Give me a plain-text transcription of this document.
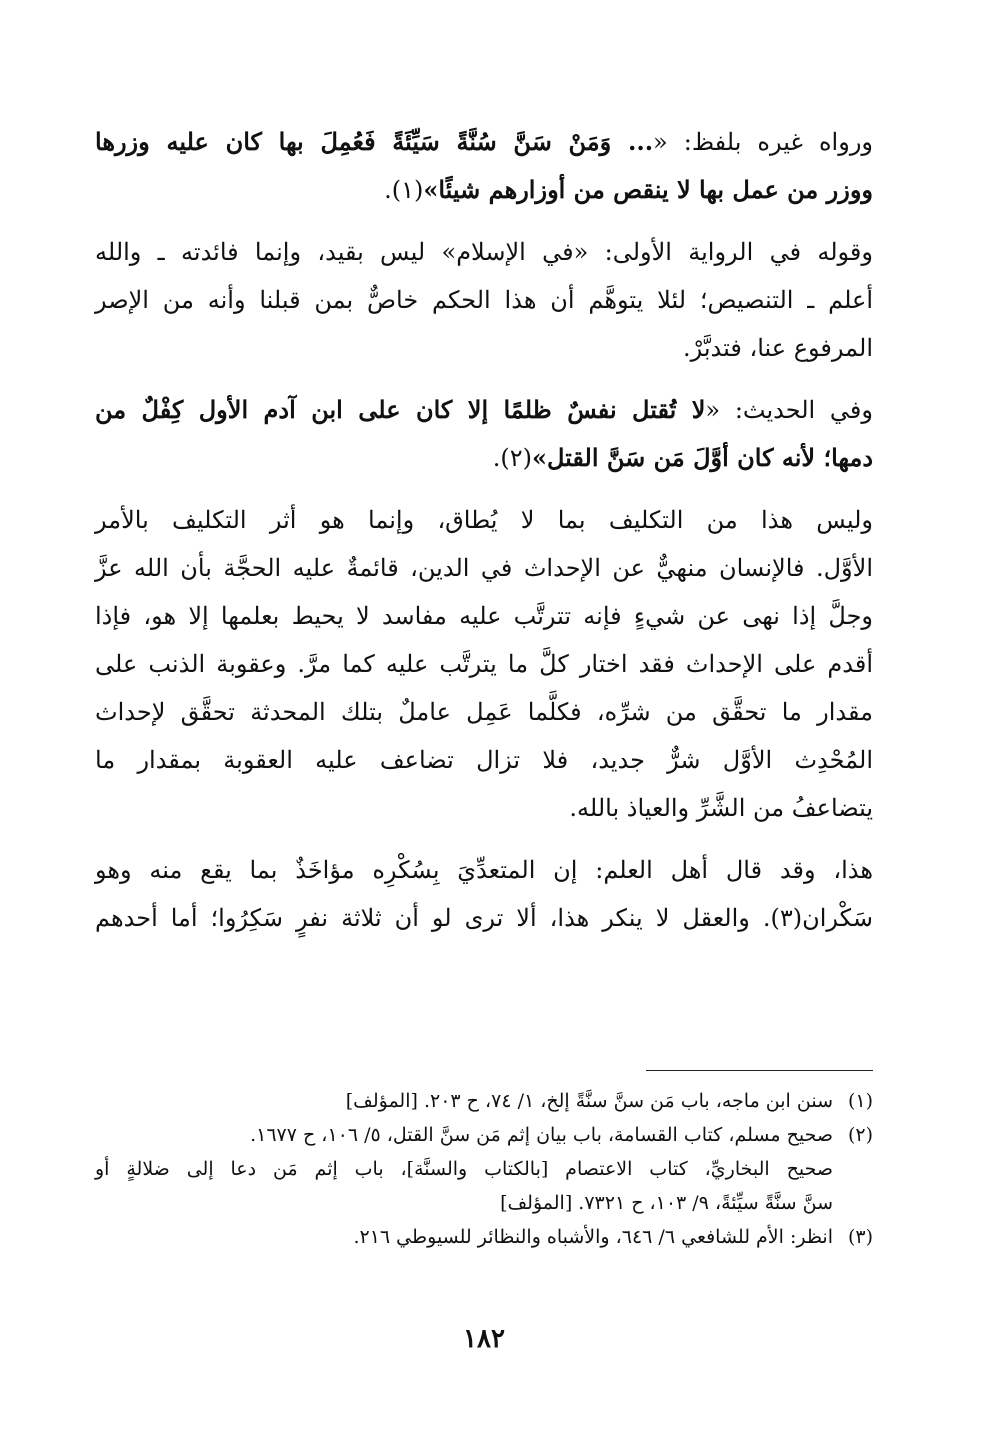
ورواه غيره بلفظ: «... وَمَنْ سَنَّ سُنَّةً سَيِّئَةً فَعُمِلَ بها كان عليه وزرها
ووزر من عمل بها لا ينقص من أوزارهم شيئًا»(١).
وقوله في الرواية الأولى: «في الإسلام» ليس بقيد، وإنما فائدته ـ والله
أعلم ـ التنصيص؛ لئلا يتوهَّم أن هذا الحكم خاصٌّ بمن قبلنا وأنه من الإصر
المرفوع عنا، فتدبَّرْ.
وفي الحديث: «لا تُقتل نفسٌ ظلمًا إلا كان على ابن آدم الأول كِفْلٌ من
دمها؛ لأنه كان أوَّلَ مَن سَنَّ القتل»(٢).
وليس هذا من التكليف بما لا يُطاق، وإنما هو أثر التكليف بالأمر
الأوَّل. فالإنسان منهيٌّ عن الإحداث في الدين، قائمةٌ عليه الحجَّة بأن الله عزَّ
وجلَّ إذا نهى عن شيءٍ فإنه تترتَّب عليه مفاسد لا يحيط بعلمها إلا هو، فإذا
أقدم على الإحداث فقد اختار كلَّ ما يترتَّب عليه كما مرَّ. وعقوبة الذنب على
مقدار ما تحقَّق من شرِّه، فكلَّما عَمِل عاملٌ بتلك المحدثة تحقَّق لإحداث
المُحْدِث الأوَّل شرٌّ جديد، فلا تزال تضاعف عليه العقوبة بمقدار ما
يتضاعفُ من الشَّرِّ والعياذ بالله.
هذا، وقد قال أهل العلم: إن المتعدِّيَ بِسُكْرِه مؤاخَذٌ بما يقع منه وهو
سَكْران(٣). والعقل لا ينكر هذا، ألا ترى لو أن ثلاثة نفرٍ سَكِرُوا؛ أما أحدهم
(١)سنن ابن ماجه، باب مَن سنَّ سنَّةً إلخ، ١/ ٧٤، ح ٢٠٣. [المؤلف]
(٢)صحيح مسلم، كتاب القسامة، باب بيان إثم مَن سنَّ القتل، ٥/ ١٠٦، ح ١٦٧٧.
صحيح البخاريِّ، كتاب الاعتصام [بالكتاب والسنَّة]، باب إثم مَن دعا إلى ضلالةٍ أو
سنَّ سنَّةً سيِّئةً، ٩/ ١٠٣، ح ٧٣٢١. [المؤلف]
(٣)انظر: الأم للشافعي ٦/ ٦٤٦، والأشباه والنظائر للسيوطي ٢١٦.
١٨٢
